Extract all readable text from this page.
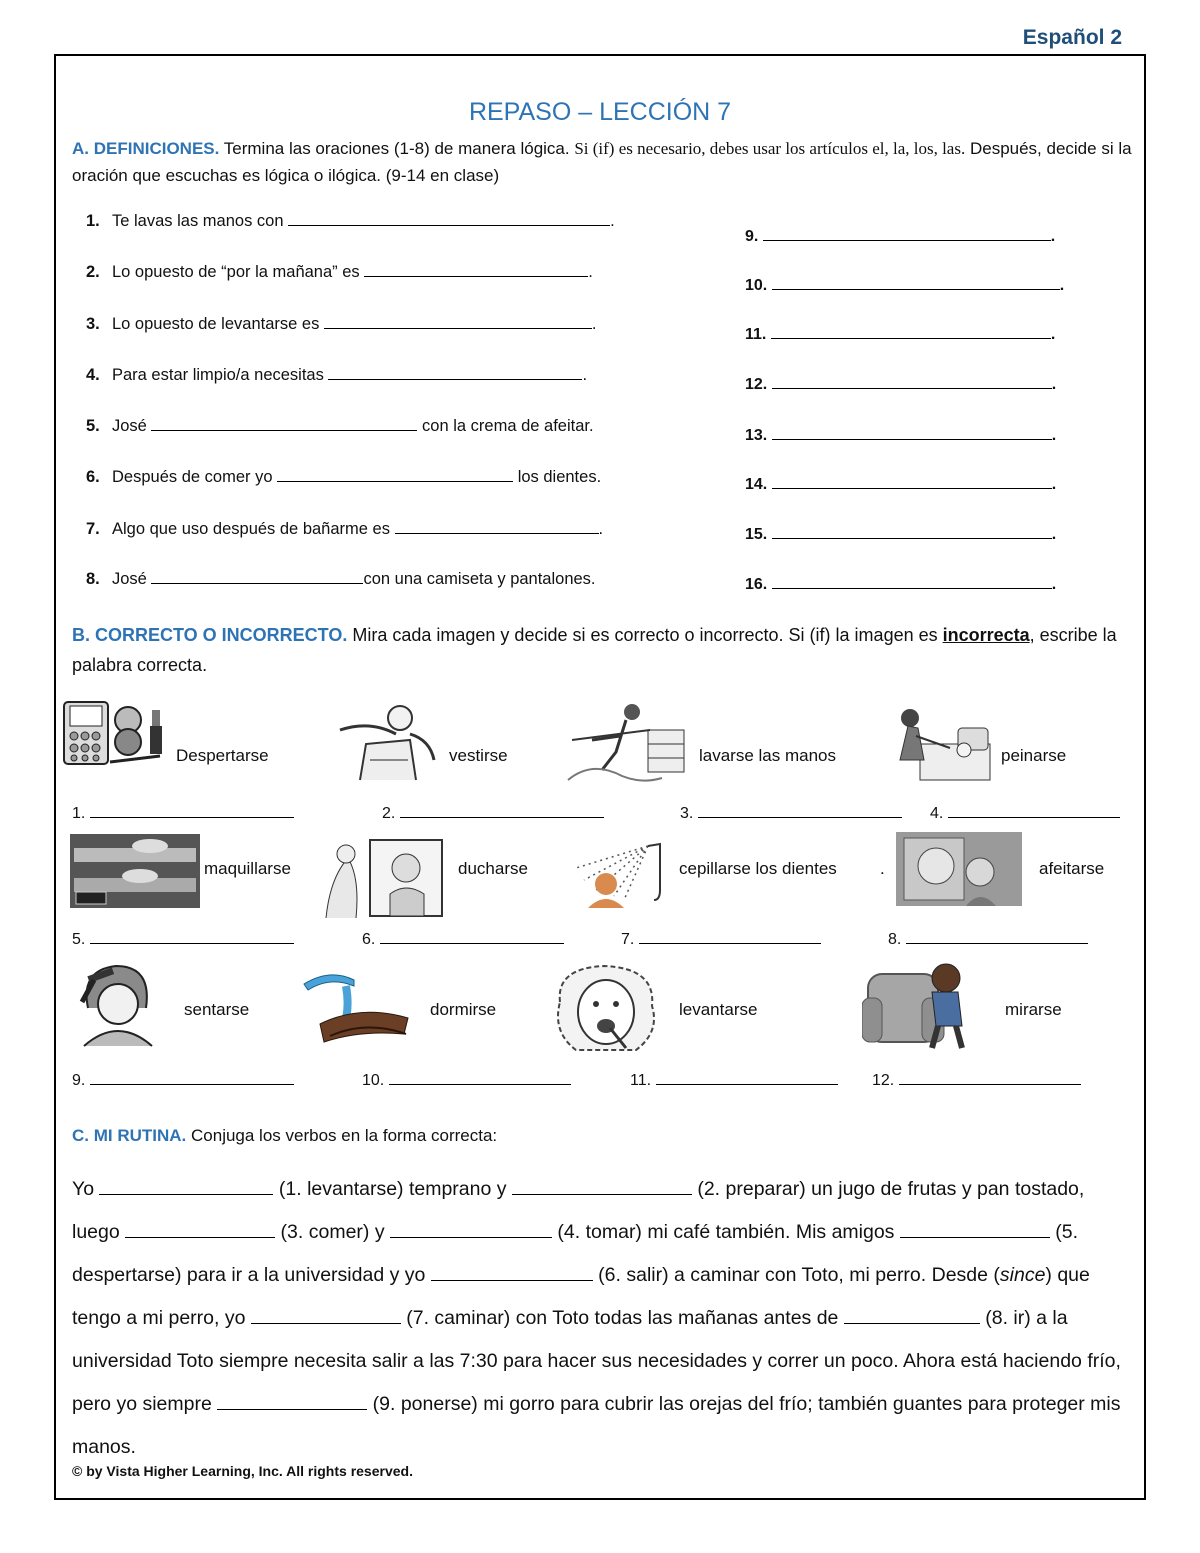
Español 2
REPASO – LECCIÓN 7
A. DEFINICIONES. Termina las oraciones (1-8) de manera lógica. Si (if) es necesario, debes usar los artículos el, la, los, las. Después, decide si la oración que escuchas es lógica o ilógica. (9-14 en clase)
1. Te lavas las manos con	.
2. Lo opuesto de “por la mañana” es	.
3. Lo opuesto de levantarse es	.
4. Para estar limpio/a necesitas	.
5. José	con la crema de afeitar.
6. Después de comer yo	los dientes.
7. Algo que uso después de bañarme es	.
8. José	con una camiseta y pantalones.
9.	.
10.	.
11.	.
12.	.
13.	.
14.	.
15.	.
16.	.
B. CORRECTO O INCORRECTO. Mira cada imagen y decide si es correcto o incorrecto. Si (if) la imagen es incorrecta, escribe la palabra correcta.
Despertarse	vestirse	lavarse las manos	peinarse
1.	2.	3.	4.
maquillarse	ducharse	cepillarse los dientes	.	afeitarse
5.	6.	7.	8.
sentarse	dormirse	levantarse	mirarse
9.	10.	11.	12.
C. MI RUTINA. Conjuga los verbos en la forma correcta:
Yo	(1. levantarse) temprano y	(2. preparar) un jugo de frutas y pan tostado, luego	(3. comer) y	(4. tomar) mi café también. Mis amigos	(5. despertarse) para ir a la universidad y yo	(6. salir) a caminar con Toto, mi perro. Desde (since) que tengo a mi perro, yo	(7. caminar) con Toto todas las mañanas antes de	(8. ir) a la universidad Toto siempre necesita salir a las 7:30 para hacer sus necesidades y correr un poco. Ahora está haciendo frío, pero yo siempre	(9. ponerse) mi gorro para cubrir las orejas del frío; también guantes para proteger mis manos.
© by Vista Higher Learning, Inc. All rights reserved.
